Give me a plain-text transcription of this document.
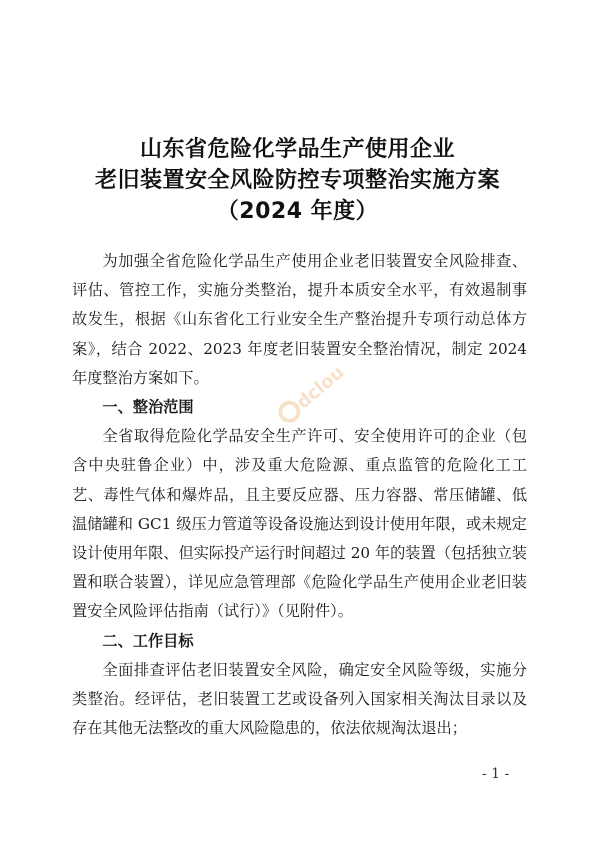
山东省危险化学品生产使用企业
老旧装置安全风险防控专项整治实施方案
（2024 年度）

为加强全省危险化学品生产使用企业老旧装置安全风险排查、评估、管控工作，实施分类整治，提升本质安全水平，有效遏制事故发生，根据《山东省化工行业安全生产整治提升专项行动总体方案》，结合 2022、2023 年度老旧装置安全整治情况，制定 2024 年度整治方案如下。

一、整治范围

全省取得危险化学品安全生产许可、安全使用许可的企业（包含中央驻鲁企业）中，涉及重大危险源、重点监管的危险化工工艺、毒性气体和爆炸品，且主要反应器、压力容器、常压储罐、低温储罐和 GC1 级压力管道等设备设施达到设计使用年限，或未规定设计使用年限、但实际投产运行时间超过 20 年的装置（包括独立装置和联合装置），详见应急管理部《危险化学品生产使用企业老旧装置安全风险评估指南（试行）》（见附件）。

二、工作目标

全面排查评估老旧装置安全风险，确定安全风险等级，实施分类整治。经评估，老旧装置工艺或设备列入国家相关淘汰目录以及存在其他无法整改的重大风险隐患的，依法依规淘汰退出；

dcloud
- 1 -
